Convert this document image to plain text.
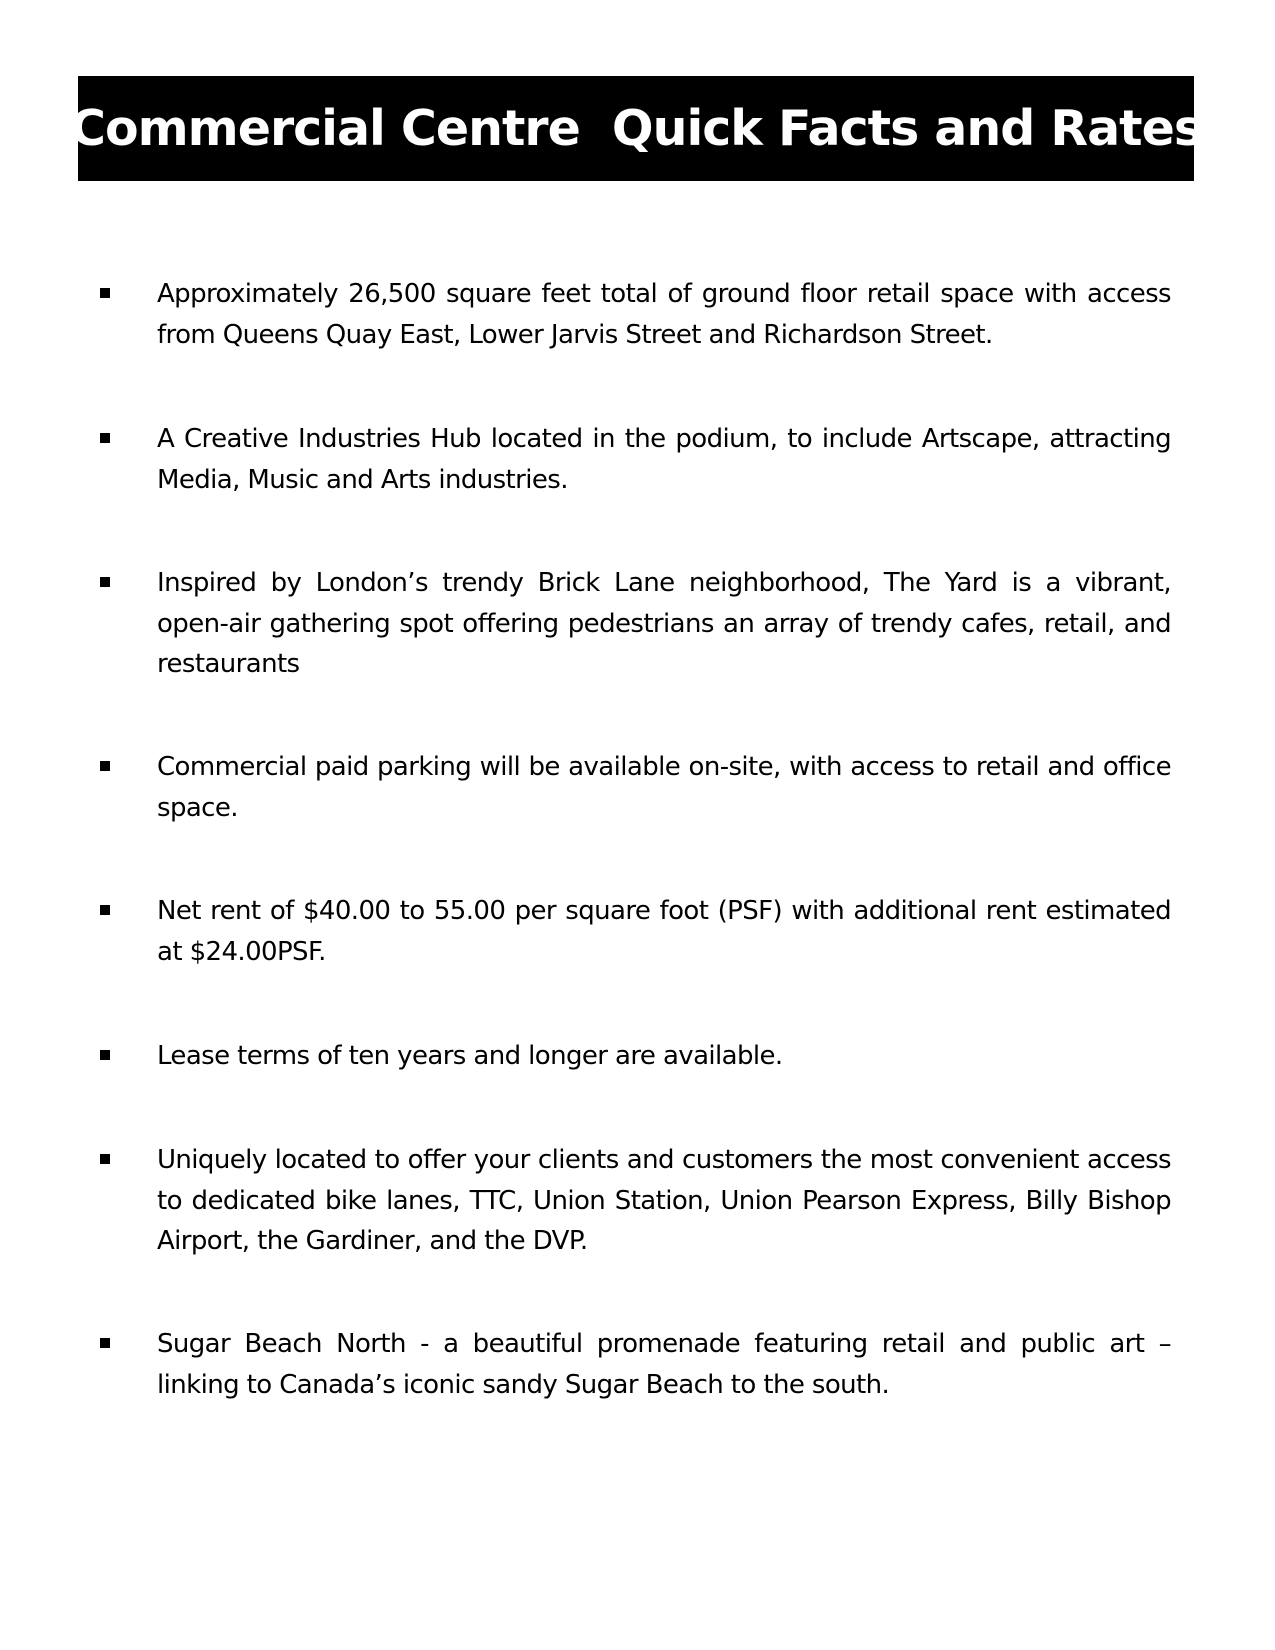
Commercial Centre  Quick Facts and Rates
Approximately 26,500 square feet total of ground floor retail space with access from Queens Quay East, Lower Jarvis Street and Richardson Street.
A Creative Industries Hub located in the podium, to include Artscape, attracting Media, Music and Arts industries.
Inspired by London’s trendy Brick Lane neighborhood, The Yard is a vibrant, open-air gathering spot offering pedestrians an array of trendy cafes, retail, and restaurants
Commercial paid parking will be available on-site, with access to retail and office space.
Net rent of $40.00 to 55.00 per square foot (PSF) with additional rent estimated at $24.00PSF.
Lease terms of ten years and longer are available.
Uniquely located to offer your clients and customers the most convenient access to dedicated bike lanes, TTC, Union Station, Union Pearson Express, Billy Bishop Airport, the Gardiner, and the DVP.
Sugar Beach North - a beautiful promenade featuring retail and public art – linking to Canada’s iconic sandy Sugar Beach to the south.
